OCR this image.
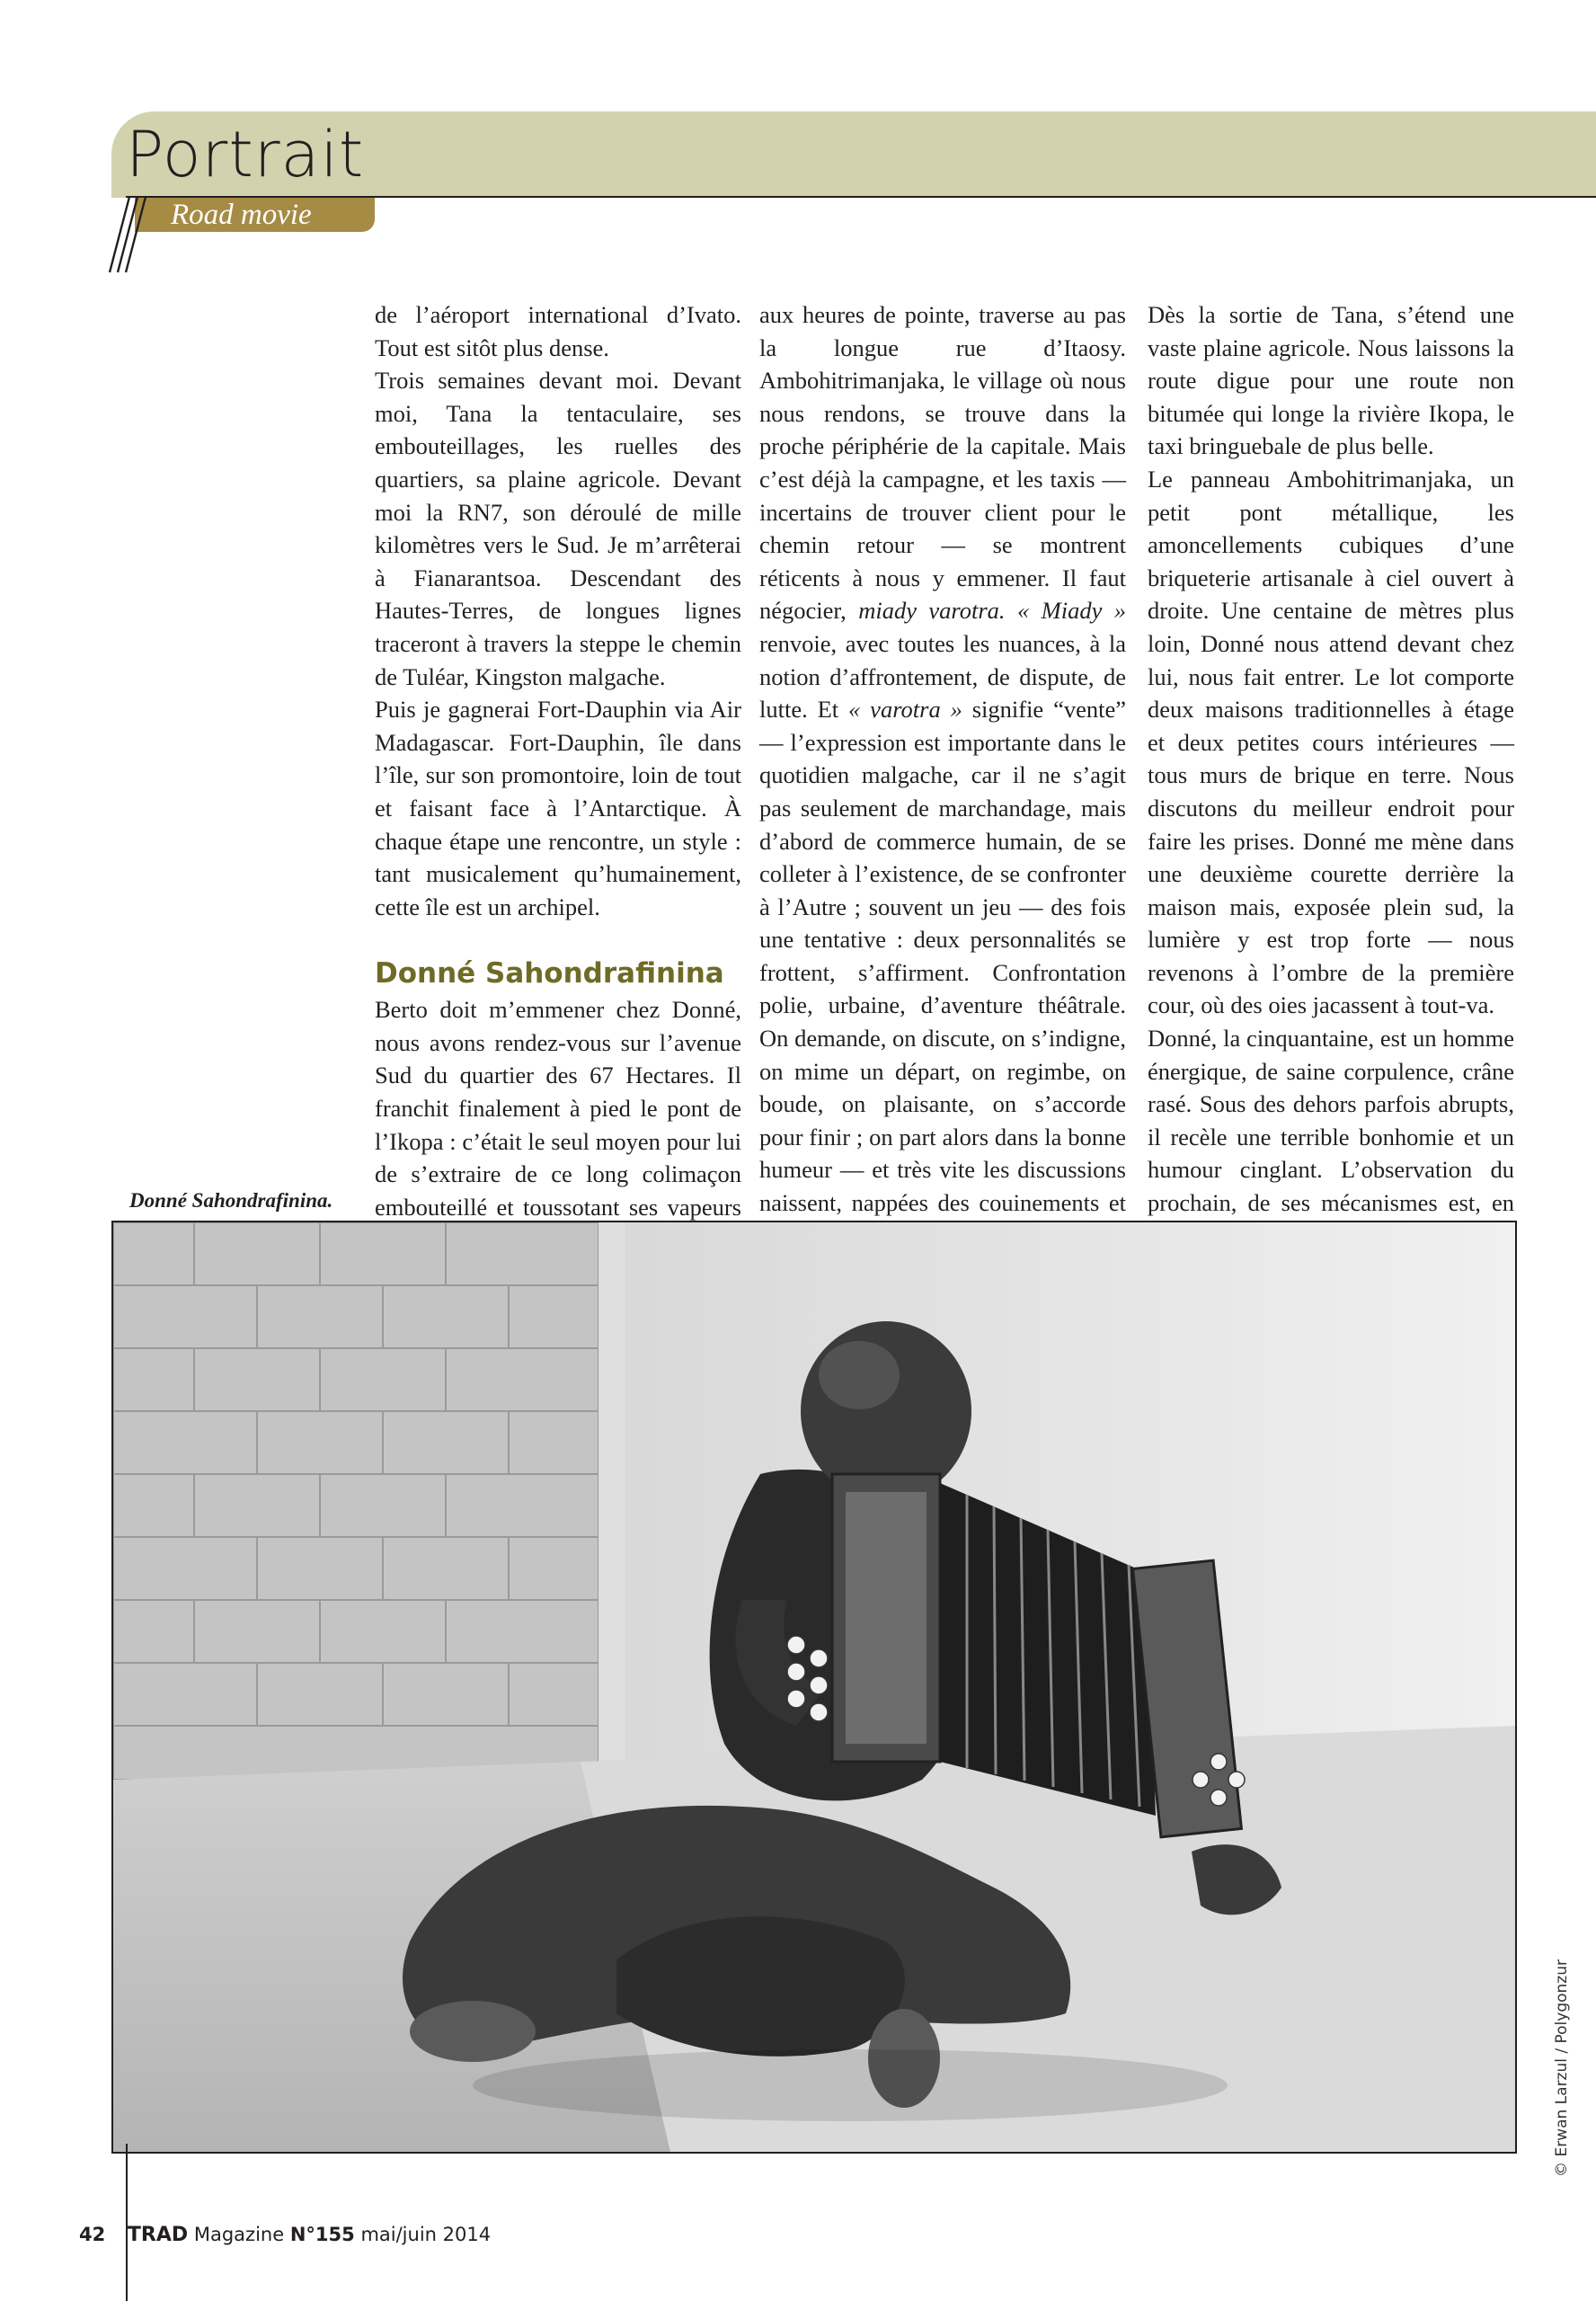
Portrait
Road movie

de l’aéroport international d’Ivato. Tout est sitôt plus dense.

Trois semaines devant moi. Devant moi, Tana la tentaculaire, ses embouteillages, les ruelles des quartiers, sa plaine agricole. Devant moi la RN7, son déroulé de mille kilomètres vers le Sud. Je m’arrêterai à Fianarantsoa. Descendant des Hautes-Terres, de longues lignes traceront à travers la steppe le chemin de Tuléar, Kingston malgache.

Puis je gagnerai Fort-Dauphin via Air Madagascar. Fort-Dauphin, île dans l’île, sur son promontoire, loin de tout et faisant face à l’Antarctique. À chaque étape une rencontre, un style : tant musicalement qu’humainement, cette île est un archipel.

Donné Sahondrafinina

Berto doit m’emmener chez Donné, nous avons rendez-vous sur l’avenue Sud du quartier des 67 Hectares. Il franchit finalement à pied le pont de l’Ikopa : c’était le seul moyen pour lui de s’extraire de ce long colimaçon embouteillé et toussotant ses vapeurs

aux heures de pointe, traverse au pas la longue rue d’Itaosy. Ambohitrimanjaka, le village où nous nous rendons, se trouve dans la proche périphérie de la capitale. Mais c’est déjà la campagne, et les taxis — incertains de trouver client pour le chemin retour — se montrent réticents à nous y emmener. Il faut négocier, miady varotra. « Miady » renvoie, avec toutes les nuances, à la notion d’affrontement, de dispute, de lutte. Et « varotra » signifie “vente” — l’expression est importante dans le quotidien malgache, car il ne s’agit pas seulement de marchandage, mais d’abord de commerce humain, de se colleter à l’existence, de se confronter à l’Autre ; souvent un jeu — des fois une tentative : deux personnalités se frottent, s’affirment. Confrontation polie, urbaine, d’aventure théâtrale. On demande, on discute, on s’indigne, on mime un départ, on regimbe, on boude, on plaisante, on s’accorde pour finir ; on part alors dans la bonne humeur — et très vite les discussions naissent, nappées des couinements et

Dès la sortie de Tana, s’étend une vaste plaine agricole. Nous laissons la route digue pour une route non bitumée qui longe la rivière Ikopa, le taxi bringuebale de plus belle.

Le panneau Ambohitrimanjaka, un petit pont métallique, les amoncellements cubiques d’une briqueterie artisanale à ciel ouvert à droite. Une centaine de mètres plus loin, Donné nous attend devant chez lui, nous fait entrer. Le lot comporte deux maisons traditionnelles à étage et deux petites cours intérieures — tous murs de brique en terre. Nous discutons du meilleur endroit pour faire les prises. Donné me mène dans une deuxième courette derrière la maison mais, exposée plein sud, la lumière y est trop forte — nous revenons à l’ombre de la première cour, où des oies jacassent à tout-va.

Donné, la cinquantaine, est un homme énergique, de saine corpulence, crâne rasé. Sous des dehors parfois abrupts, il recèle une terrible bonhomie et un humour cinglant. L’observation du prochain, de ses mécanismes est, en

Donné Sahondrafinina.
© Erwan Larzul / Polygonzur
42 TRAD Magazine N°155 mai/juin 2014
